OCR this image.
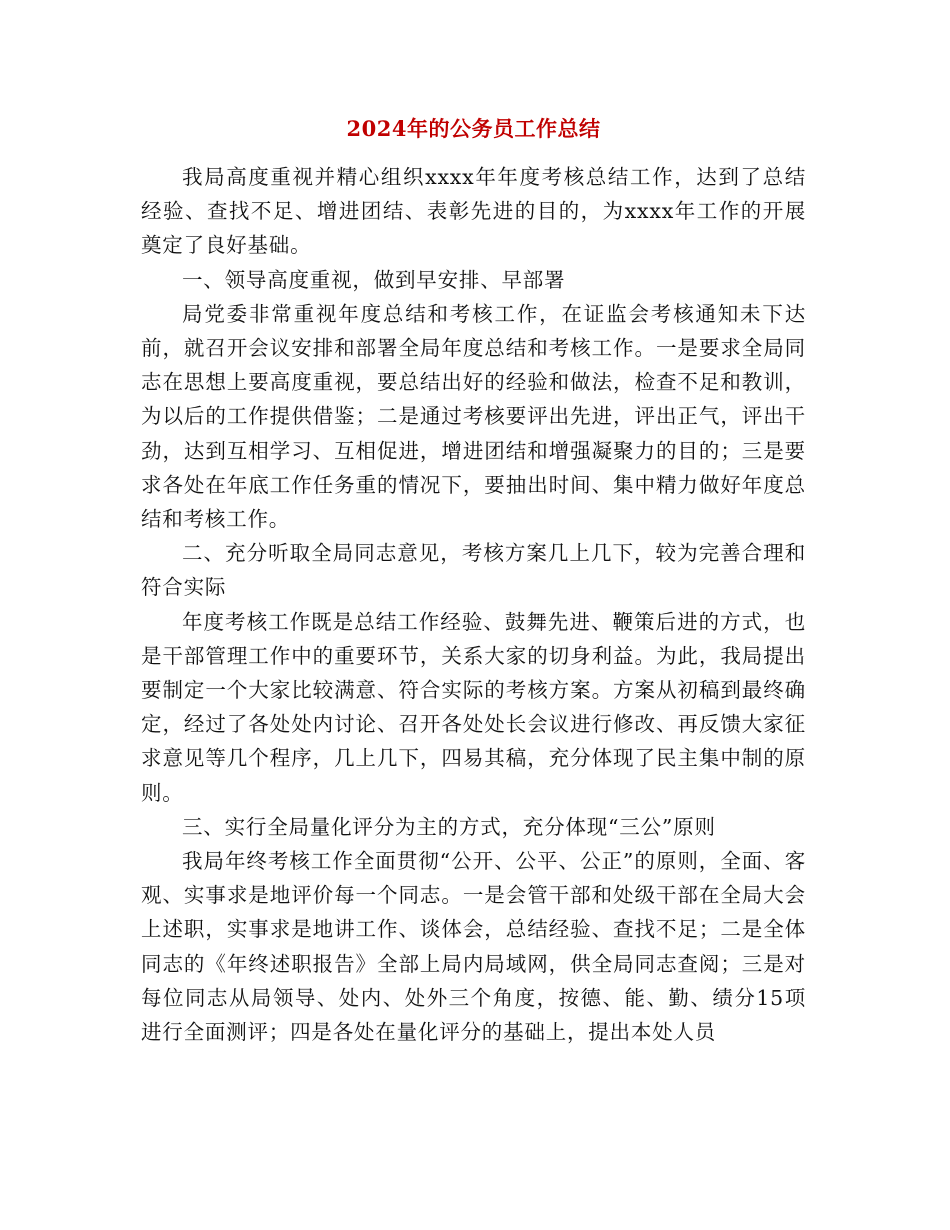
2024年的公务员工作总结

我局高度重视并精心组织xxxx年年度考核总结工作，达到了总结经验、查找不足、增进团结、表彰先进的目的，为xxxx年工作的开展奠定了良好基础。

一、领导高度重视，做到早安排、早部署

局党委非常重视年度总结和考核工作，在证监会考核通知未下达前，就召开会议安排和部署全局年度总结和考核工作。一是要求全局同志在思想上要高度重视，要总结出好的经验和做法，检查不足和教训，为以后的工作提供借鉴；二是通过考核要评出先进，评出正气，评出干劲，达到互相学习、互相促进，增进团结和增强凝聚力的目的；三是要求各处在年底工作任务重的情况下，要抽出时间、集中精力做好年度总结和考核工作。

二、充分听取全局同志意见，考核方案几上几下，较为完善合理和符合实际

年度考核工作既是总结工作经验、鼓舞先进、鞭策后进的方式，也是干部管理工作中的重要环节，关系大家的切身利益。为此，我局提出要制定一个大家比较满意、符合实际的考核方案。方案从初稿到最终确定，经过了各处处内讨论、召开各处处长会议进行修改、再反馈大家征求意见等几个程序，几上几下，四易其稿，充分体现了民主集中制的原则。

三、实行全局量化评分为主的方式，充分体现“三公”原则

我局年终考核工作全面贯彻“公开、公平、公正”的原则，全面、客观、实事求是地评价每一个同志。一是会管干部和处级干部在全局大会上述职，实事求是地讲工作、谈体会，总结经验、查找不足；二是全体同志的《年终述职报告》全部上局内局域网，供全局同志查阅；三是对每位同志从局领导、处内、处外三个角度，按德、能、勤、绩分15项进行全面测评；四是各处在量化评分的基础上，提出本处人员
